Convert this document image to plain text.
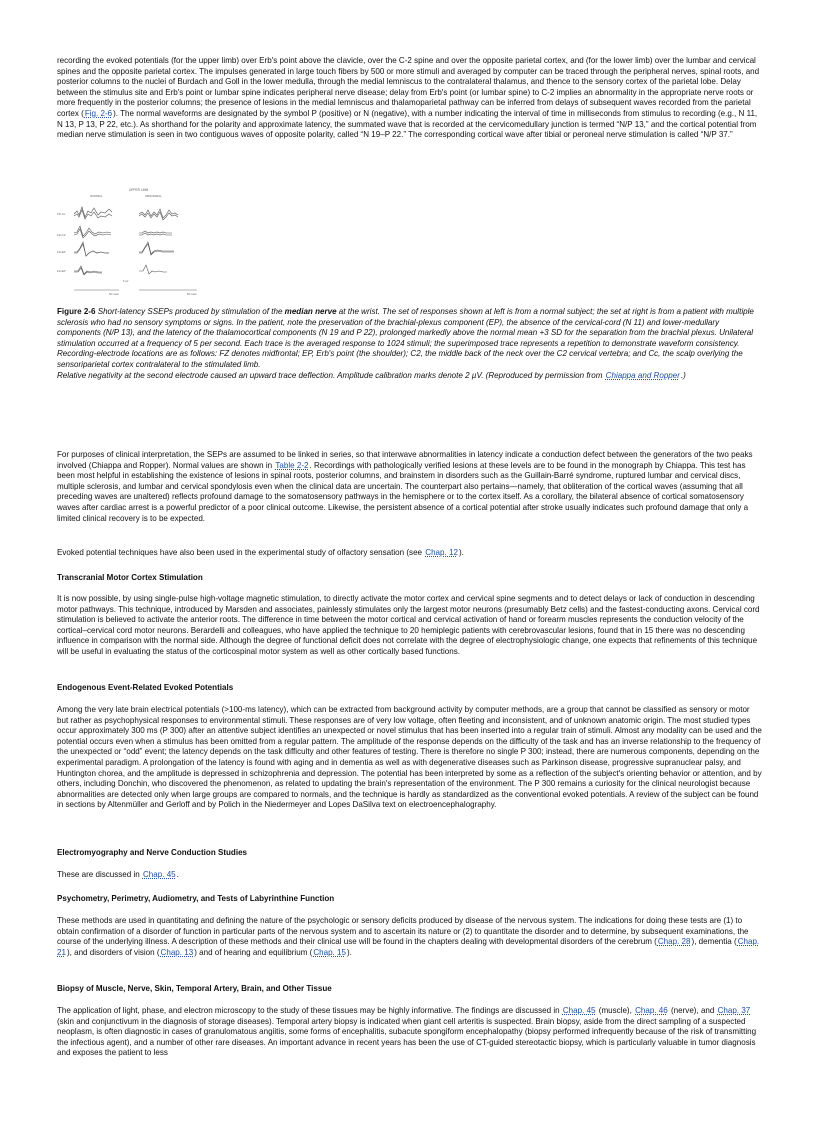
recording the evoked potentials (for the upper limb) over Erb's point above the clavicle, over the C-2 spine and over the opposite parietal cortex, and (for the lower limb) over the lumbar and cervical spines and the opposite parietal cortex. The impulses generated in large touch fibers by 500 or more stimuli and averaged by computer can be traced through the peripheral nerves, spinal roots, and posterior columns to the nuclei of Burdach and Goll in the lower medulla, through the medial lemniscus to the contralateral thalamus, and thence to the sensory cortex of the parietal lobe. Delay between the stimulus site and Erb's point or lumbar spine indicates peripheral nerve disease; delay from Erb's point (or lumbar spine) to C-2 implies an abnormality in the appropriate nerve roots or more frequently in the posterior columns; the presence of lesions in the medial lemniscus and thalamoparietal pathway can be inferred from delays of subsequent waves recorded from the parietal cortex (Fig. 2-6). The normal waveforms are designated by the symbol P (positive) or N (negative), with a number indicating the interval of time in milliseconds from stimulus to recording (e.g., N 11, N 13, P 13, P 22, etc.). As shorthand for the polarity and approximate latency, the summated wave that is recorded at the cervicomedullary junction is termed “N/P 13,” and the cortical potential from median nerve stimulation is seen in two contiguous waves of opposite polarity, called “N 19–P 22.” The corresponding cortical wave after tibial or peroneal nerve stimulation is called “N/P 37.”

UPPER LIMB
NORMAL	ABNORMAL
FP-Cc
FZ-C2
FZ-EP
FZ-EP
50 msec	50 msec
5 µV

Figure 2-6 Short-latency SSEPs produced by stimulation of the median nerve at the wrist. The set of responses shown at left is from a normal subject; the set at right is from a patient with multiple sclerosis who had no sensory symptoms or signs. In the patient, note the preservation of the brachial-plexus component (EP), the absence of the cervical-cord (N 11) and lower-medullary components (N/P 13), and the latency of the thalamocortical components (N 19 and P 22), prolonged markedly above the normal mean +3 SD for the separation from the brachial plexus. Unilateral stimulation occurred at a frequency of 5 per second. Each trace is the averaged response to 1024 stimuli; the superimposed trace represents a repetition to demonstrate waveform consistency. Recording-electrode locations are as follows: FZ denotes midfrontal; EP, Erb's point (the shoulder); C2, the middle back of the neck over the C2 cervical vertebra; and Cc, the scalp overlying the sensoriparietal cortex contralateral to the stimulated limb.
Relative negativity at the second electrode caused an upward trace deflection. Amplitude calibration marks denote 2 µV. (Reproduced by permission from Chiappa and Ropper.)

For purposes of clinical interpretation, the SEPs are assumed to be linked in series, so that interwave abnormalities in latency indicate a conduction defect between the generators of the two peaks involved (Chiappa and Ropper). Normal values are shown in Table 2-2. Recordings with pathologically verified lesions at these levels are to be found in the monograph by Chiappa. This test has been most helpful in establishing the existence of lesions in spinal roots, posterior columns, and brainstem in disorders such as the Guillain-Barré syndrome, ruptured lumbar and cervical discs, multiple sclerosis, and lumbar and cervical spondylosis even when the clinical data are uncertain. The counterpart also pertains—namely, that obliteration of the cortical waves (assuming that all preceding waves are unaltered) reflects profound damage to the somatosensory pathways in the hemisphere or to the cortex itself. As a corollary, the bilateral absence of cortical somatosensory waves after cardiac arrest is a powerful predictor of a poor clinical outcome. Likewise, the persistent absence of a cortical potential after stroke usually indicates such profound damage that only a limited clinical recovery is to be expected.

Evoked potential techniques have also been used in the experimental study of olfactory sensation (see Chap. 12).

Transcranial Motor Cortex Stimulation

It is now possible, by using single-pulse high-voltage magnetic stimulation, to directly activate the motor cortex and cervical spine segments and to detect delays or lack of conduction in descending motor pathways. This technique, introduced by Marsden and associates, painlessly stimulates only the largest motor neurons (presumably Betz cells) and the fastest-conducting axons. Cervical cord stimulation is believed to activate the anterior roots. The difference in time between the motor cortical and cervical activation of hand or forearm muscles represents the conduction velocity of the cortical–cervical cord motor neurons. Berardelli and colleagues, who have applied the technique to 20 hemiplegic patients with cerebrovascular lesions, found that in 15 there was no descending influence in comparison with the normal side. Although the degree of functional deficit does not correlate with the degree of electrophysiologic change, one expects that refinements of this technique will be useful in evaluating the status of the corticospinal motor system as well as other cortically based functions.

Endogenous Event-Related Evoked Potentials

Among the very late brain electrical potentials (>100-ms latency), which can be extracted from background activity by computer methods, are a group that cannot be classified as sensory or motor but rather as psychophysical responses to environmental stimuli. These responses are of very low voltage, often fleeting and inconsistent, and of unknown anatomic origin. The most studied types occur approximately 300 ms (P 300) after an attentive subject identifies an unexpected or novel stimulus that has been inserted into a regular train of stimuli. Almost any modality can be used and the potential occurs even when a stimulus has been omitted from a regular pattern. The amplitude of the response depends on the difficulty of the task and has an inverse relationship to the frequency of the unexpected or “odd” event; the latency depends on the task difficulty and other features of testing. There is therefore no single P 300; instead, there are numerous components, depending on the experimental paradigm. A prolongation of the latency is found with aging and in dementia as well as with degenerative diseases such as Parkinson disease, progressive supranuclear palsy, and Huntington chorea, and the amplitude is depressed in schizophrenia and depression. The potential has been interpreted by some as a reflection of the subject's orienting behavior or attention, and by others, including Donchin, who discovered the phenomenon, as related to updating the brain's representation of the environment. The P 300 remains a curiosity for the clinical neurologist because abnormalities are detected only when large groups are compared to normals, and the technique is hardly as standardized as the conventional evoked potentials. A review of the subject can be found in sections by Altenmüller and Gerloff and by Polich in the Niedermeyer and Lopes DaSilva text on electroencephalography.

Electromyography and Nerve Conduction Studies

These are discussed in Chap. 45.

Psychometry, Perimetry, Audiometry, and Tests of Labyrinthine Function

These methods are used in quantitating and defining the nature of the psychologic or sensory deficits produced by disease of the nervous system. The indications for doing these tests are (1) to obtain confirmation of a disorder of function in particular parts of the nervous system and to ascertain its nature or (2) to quantitate the disorder and to determine, by subsequent examinations, the course of the underlying illness. A description of these methods and their clinical use will be found in the chapters dealing with developmental disorders of the cerebrum (Chap. 28), dementia (Chap. 21), and disorders of vision (Chap. 13) and of hearing and equilibrium (Chap. 15).

Biopsy of Muscle, Nerve, Skin, Temporal Artery, Brain, and Other Tissue

The application of light, phase, and electron microscopy to the study of these tissues may be highly informative. The findings are discussed in Chap. 45 (muscle), Chap. 46 (nerve), and Chap. 37 (skin and conjunctivum in the diagnosis of storage diseases). Temporal artery biopsy is indicated when giant cell arteritis is suspected. Brain biopsy, aside from the direct sampling of a suspected neoplasm, is often diagnostic in cases of granulomatous angiitis, some forms of encephalitis, subacute spongiform encephalopathy (biopsy performed infrequently because of the risk of transmitting the infectious agent), and a number of other rare diseases. An important advance in recent years has been the use of CT-guided stereotactic biopsy, which is particularly valuable in tumor diagnosis and exposes the patient to less
